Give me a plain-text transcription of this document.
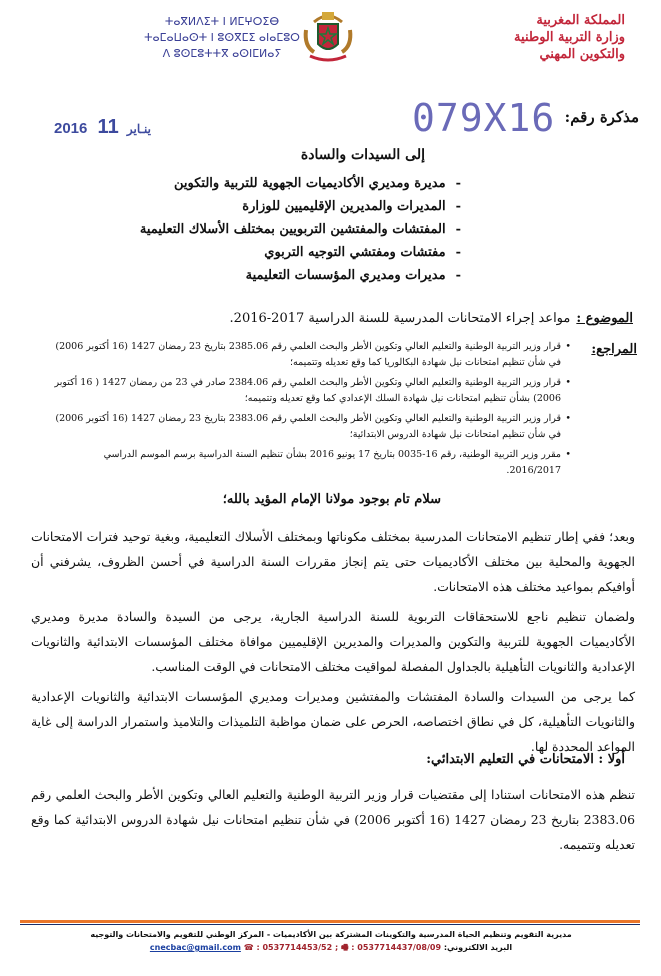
المملكة المغربية
وزارة التربية الوطنية
والتكوين المهني
ⵜⴰⴳⵍⴷⵉⵜ ⵏ ⵍⵎⵖⵔⵉⴱ
ⵜⴰⵎⴰⵡⴰⵙⵜ ⵏ ⵓⵙⴳⵎⵉ ⴰⵏⴰⵎⵓⵔ
ⴷ ⵓⵙⵎⵓⵜⵜⴳ ⴰⵙⵏⵎⵍⴰⵢ
مذكرة رقم:
079X16
2016	ينـاير 11
إلى السيدات والسادة
- مديرة ومديري الأكاديميات الجهوية للتربية والتكوين
- المديرات والمديرين الإقليميين للوزارة
- المفتشات والمفتشين التربويين بمختلف الأسلاك التعليمية
- مفتشات ومفتشي التوجيه التربوي
- مديرات ومديري المؤسسات التعليمية
الموضوع :مواعد إجراء الامتحانات المدرسية للسنة الدراسية 2017-2016.
المراجع:
• قرار وزير التربية الوطنية والتعليم العالي وتكوين الأطر والبحث العلمي رقم 2385.06 بتاريخ 23 رمضان 1427 (16 أكتوبر 2006) في شأن تنظيم امتحانات نيل شهادة البكالوريا كما وقع تعديله وتتميمه؛
• قرار وزير التربية الوطنية والتعليم العالي وتكوين الأطر والبحث العلمي رقم 2384.06 صادر في 23 من رمضان 1427 ( 16 أكتوبر 2006) بشأن تنظيم امتحانات نيل شهادة السلك الإعدادي كما وقع تعديله وتتميمه؛
• قرار وزير التربية الوطنية والتعليم العالي وتكوين الأطر والبحث العلمي رقم 2383.06 بتاريخ 23 رمضان 1427 (16 أكتوبر 2006) في شأن تنظيم امتحانات نيل شهادة الدروس الابتدائية؛
• مقرر وزير التربية الوطنية، رقم 16-0035 بتاريخ 17 يونيو 2016 بشأن تنظيم السنة الدراسية برسم الموسم الدراسي 2016/2017.
سلام تام بوجود مولانا الإمام المؤيد بالله؛
وبعد؛ ففي إطار تنظيم الامتحانات المدرسية بمختلف مكوناتها وبمختلف الأسلاك التعليمية، وبغية توحيد فترات الامتحانات الجهوية والمحلية بين مختلف الأكاديميات حتى يتم إنجاز مقررات السنة الدراسية في أحسن الظروف، يشرفني أن أوافيكم بمواعيد مختلف هذه الامتحانات.
ولضمان تنظيم ناجع للاستحقاقات التربوية للسنة الدراسية الجارية، يرجى من السيدة والسادة مديرة ومديري الأكاديميات الجهوية للتربية والتكوين والمديرات والمديرين الإقليميين موافاة مختلف المؤسسات الابتدائية والثانويات الإعدادية والثانويات التأهيلية بالجداول المفصلة لمواقيت مختلف الامتحانات في الوقت المناسب.
كما يرجى من السيدات والسادة المفتشات والمفتشين ومديرات ومديري المؤسسات الابتدائية والثانويات الإعدادية والثانويات التأهيلية، كل في نطاق اختصاصه، الحرص على ضمان مواظبة التلميذات والتلاميذ واستمرار الدراسة إلى غاية المواعد المحددة لها.
أولا : الامتحانات في التعليم الابتدائي:
تنظم هذه الامتحانات استنادا إلى مقتضيات قرار وزير التربية الوطنية والتعليم العالي وتكوين الأطر والبحث العلمي رقم 2383.06 بتاريخ 23 رمضان 1427 (16 أكتوبر 2006) في شأن تنظيم امتحانات نيل شهادة الدروس الابتدائية كما وقع تعديله وتتميمه.
مديرية التقويم وتنظيم الحياة المدرسية والتكوينات المشتركة بين الأكاديميات - المركز الوطني للتقويم والامتحانات والتوجيه
البريد الالكتروني: cnecbac@gmail.com ☎ : 0537714453/52 ; 🖷 : 0537714437/08/09
